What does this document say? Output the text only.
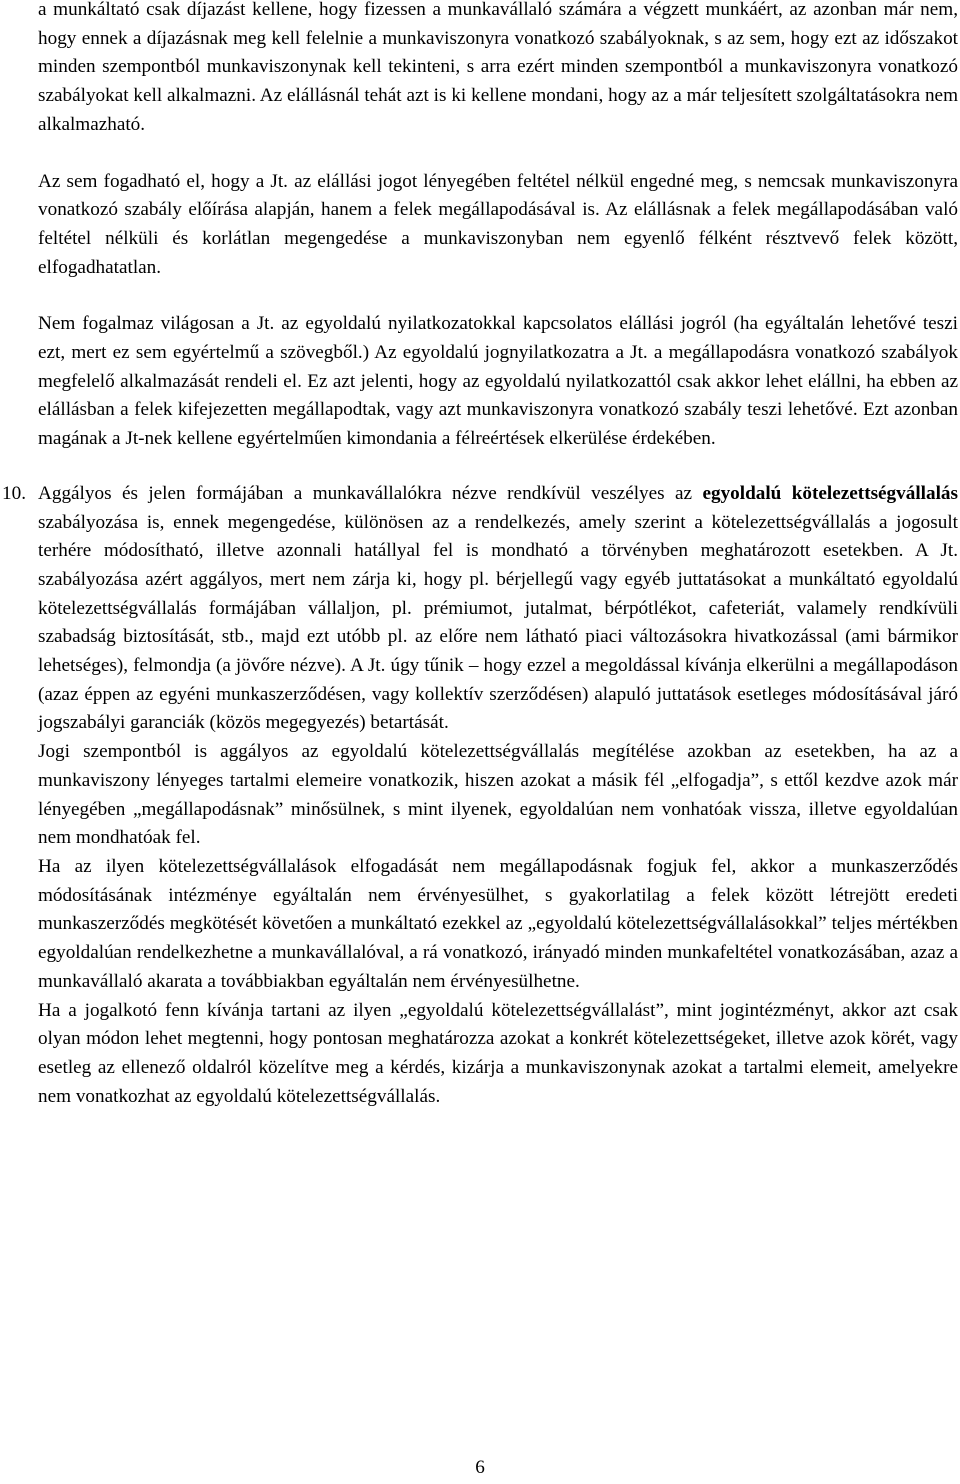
a munkáltató csak díjazást kellene, hogy fizessen a munkavállaló számára a végzett munkáért, az azonban már nem, hogy ennek a díjazásnak meg kell felelnie a munkaviszonyra vonatkozó szabályoknak, s az sem, hogy ezt az időszakot minden szempontból munkaviszonynak kell tekinteni, s arra ezért minden szempontból a munkaviszonyra vonatkozó szabályokat kell alkalmazni. Az elállásnál tehát azt is ki kellene mondani, hogy az a már teljesített szolgáltatásokra nem alkalmazható.

Az sem fogadható el, hogy a Jt. az elállási jogot lényegében feltétel nélkül engedné meg, s nemcsak munkaviszonyra vonatkozó szabály előírása alapján, hanem a felek megállapodásával is. Az elállásnak a felek megállapodásában való feltétel nélküli és korlátlan megengedése a munkaviszonyban nem egyenlő félként résztvevő felek között, elfogadhatatlan.

Nem fogalmaz világosan a Jt. az egyoldalú nyilatkozatokkal kapcsolatos elállási jogról (ha egyáltalán lehetővé teszi ezt, mert ez sem egyértelmű a szövegből.) Az egyoldalú jognyilatkozatra a Jt. a megállapodásra vonatkozó szabályok megfelelő alkalmazását rendeli el. Ez azt jelenti, hogy az egyoldalú nyilatkozattól csak akkor lehet elállni, ha ebben az elállásban a felek kifejezetten megállapodtak, vagy azt munkaviszonyra vonatkozó szabály teszi lehetővé. Ezt azonban magának a Jt-nek kellene egyértelműen kimondania a félreértések elkerülése érdekében.

10. Aggályos és jelen formájában a munkavállalókra nézve rendkívül veszélyes az egyoldalú kötelezettségvállalás szabályozása is, ennek megengedése, különösen az a rendelkezés, amely szerint a kötelezettségvállalás a jogosult terhére módosítható, illetve azonnali hatállyal fel is mondható a törvényben meghatározott esetekben. A Jt. szabályozása azért aggályos, mert nem zárja ki, hogy pl. bérjellegű vagy egyéb juttatásokat a munkáltató egyoldalú kötelezettségvállalás formájában vállaljon, pl. prémiumot, jutalmat, bérpótlékot, cafeteriát, valamely rendkívüli szabadság biztosítását, stb., majd ezt utóbb pl. az előre nem látható piaci változásokra hivatkozással (ami bármikor lehetséges), felmondja (a jövőre nézve). A Jt. úgy tűnik – hogy ezzel a megoldással kívánja elkerülni a megállapodáson (azaz éppen az egyéni munkaszerződésen, vagy kollektív szerződésen) alapuló juttatások esetleges módosításával járó jogszabályi garanciák (közös megegyezés) betartását.

Jogi szempontból is aggályos az egyoldalú kötelezettségvállalás megítélése azokban az esetekben, ha az a munkaviszony lényeges tartalmi elemeire vonatkozik, hiszen azokat a másik fél „elfogadja”, s ettől kezdve azok már lényegében „megállapodásnak” minősülnek, s mint ilyenek, egyoldalúan nem vonhatóak vissza, illetve egyoldalúan nem mondhatóak fel.

Ha az ilyen kötelezettségvállalások elfogadását nem megállapodásnak fogjuk fel, akkor a munkaszerződés módosításának intézménye egyáltalán nem érvényesülhet, s gyakorlatilag a felek között létrejött eredeti munkaszerződés megkötését követően a munkáltató ezekkel az „egyoldalú kötelezettségvállalásokkal” teljes mértékben egyoldalúan rendelkezhetne a munkavállalóval, a rá vonatkozó, irányadó minden munkafeltétel vonatkozásában, azaz a munkavállaló akarata a továbbiakban egyáltalán nem érvényesülhetne.

Ha a jogalkotó fenn kívánja tartani az ilyen „egyoldalú kötelezettségvállalást”, mint jogintézményt, akkor azt csak olyan módon lehet megtenni, hogy pontosan meghatározza azokat a konkrét kötelezettségeket, illetve azok körét, vagy esetleg az ellenező oldalról közelítve meg a kérdés, kizárja a munkaviszonynak azokat a tartalmi elemeit, amelyekre nem vonatkozhat az egyoldalú kötelezettségvállalás.

6
